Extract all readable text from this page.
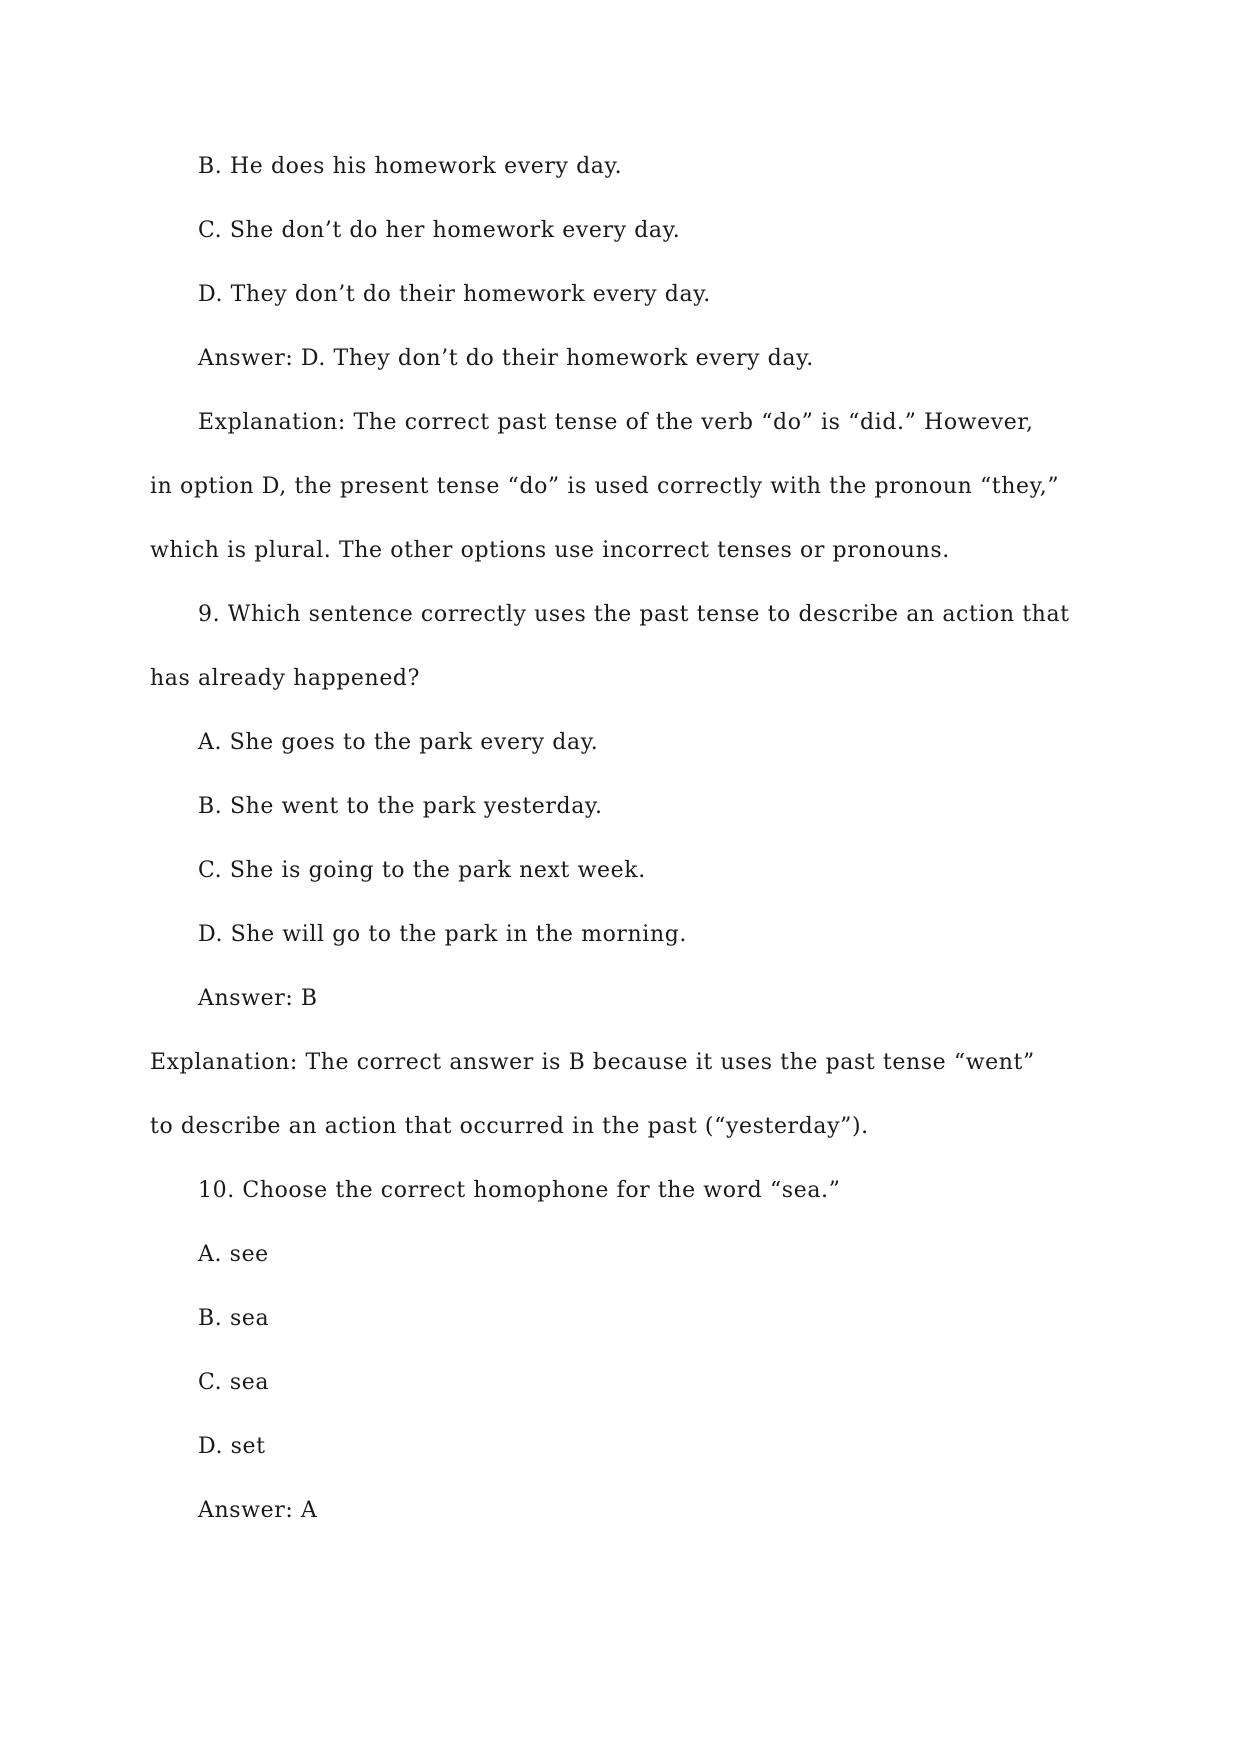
B. He does his homework every day.
C. She don’t do her homework every day.
D. They don’t do their homework every day.
Answer: D. They don’t do their homework every day.
Explanation: The correct past tense of the verb “do” is “did.” However,
in option D, the present tense “do” is used correctly with the pronoun “they,”
which is plural. The other options use incorrect tenses or pronouns.
9. Which sentence correctly uses the past tense to describe an action that
has already happened?
A. She goes to the park every day.
B. She went to the park yesterday.
C. She is going to the park next week.
D. She will go to the park in the morning.
Answer: B
Explanation: The correct answer is B because it uses the past tense “went”
to describe an action that occurred in the past (“yesterday”).
10. Choose the correct homophone for the word “sea.”
A. see
B. sea
C. sea
D. set
Answer: A
